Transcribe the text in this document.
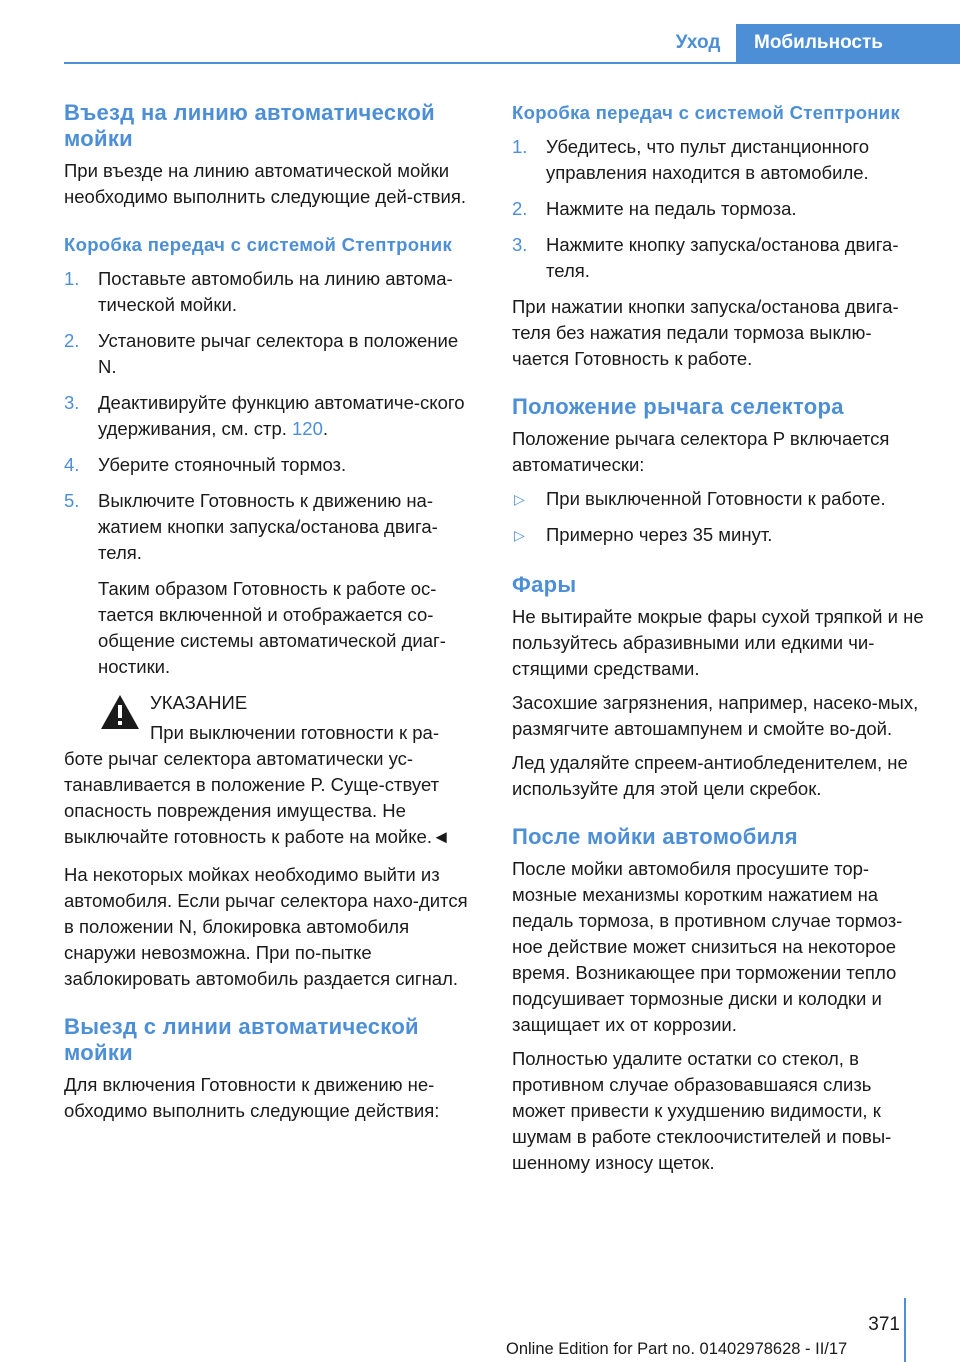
Уход	Мобильность
Въезд на линию автоматической мойки

При въезде на линию автоматической мойки необходимо выполнить следующие дей-ствия.

Коробка передач с системой Стептроник
1. Поставьте автомобиль на линию автома-тической мойки.
2. Установите рычаг селектора в положение N.
3. Деактивируйте функцию автоматиче-ского удерживания, см. стр. 120.
4. Уберите стояночный тормоз.
5. Выключите Готовность к движению на-жатием кнопки запуска/останова двига-теля.

Таким образом Готовность к работе ос-тается включенной и отображается со-общение системы автоматической диаг-ностики.

УКАЗАНИЕ

При выключении готовности к ра-

боте рычаг селектора автоматически ус-танавливается в положение P. Суще-ствует опасность повреждения имущества. Не выключайте готовность к работе на мойке.◄

На некоторых мойках необходимо выйти из автомобиля. Если рычаг селектора нахо-дится в положении N, блокировка автомобиля снаружи невозможна. При по-пытке заблокировать автомобиль раздается сигнал.

Выезд с линии автоматической мойки

Для включения Готовности к движению не-обходимо выполнить следующие действия:

Коробка передач с системой Стептроник
1. Убедитесь, что пульт дистанционного управления находится в автомобиле.
2. Нажмите на педаль тормоза.
3. Нажмите кнопку запуска/останова двига-теля.

При нажатии кнопки запуска/останова двига-теля без нажатия педали тормоза выклю-чается Готовность к работе.

Положение рычага селектора

Положение рычага селектора P включается автоматически:

▷ При выключенной Готовности к работе.
▷ Примерно через 35 минут.
Фары

Не вытирайте мокрые фары сухой тряпкой и не пользуйтесь абразивными или едкими чи-стящими средствами.

Засохшие загрязнения, например, насеко-мых, размягчите автошампунем и смойте во-дой.

Лед удаляйте спреем-антиобледенителем, не используйте для этой цели скребок.

После мойки автомобиля

После мойки автомобиля просушите тор-мозные механизмы коротким нажатием на педаль тормоза, в противном случае тормоз-ное действие может снизиться на некоторое время. Возникающее при торможении тепло подсушивает тормозные диски и колодки и защищает их от коррозии.

Полностью удалите остатки со стекол, в противном случае образовавшаяся слизь может привести к ухудшению видимости, к шумам в работе стеклоочистителей и повы-шенному износу щеток.

371
Online Edition for Part no. 01402978628 - II/17
